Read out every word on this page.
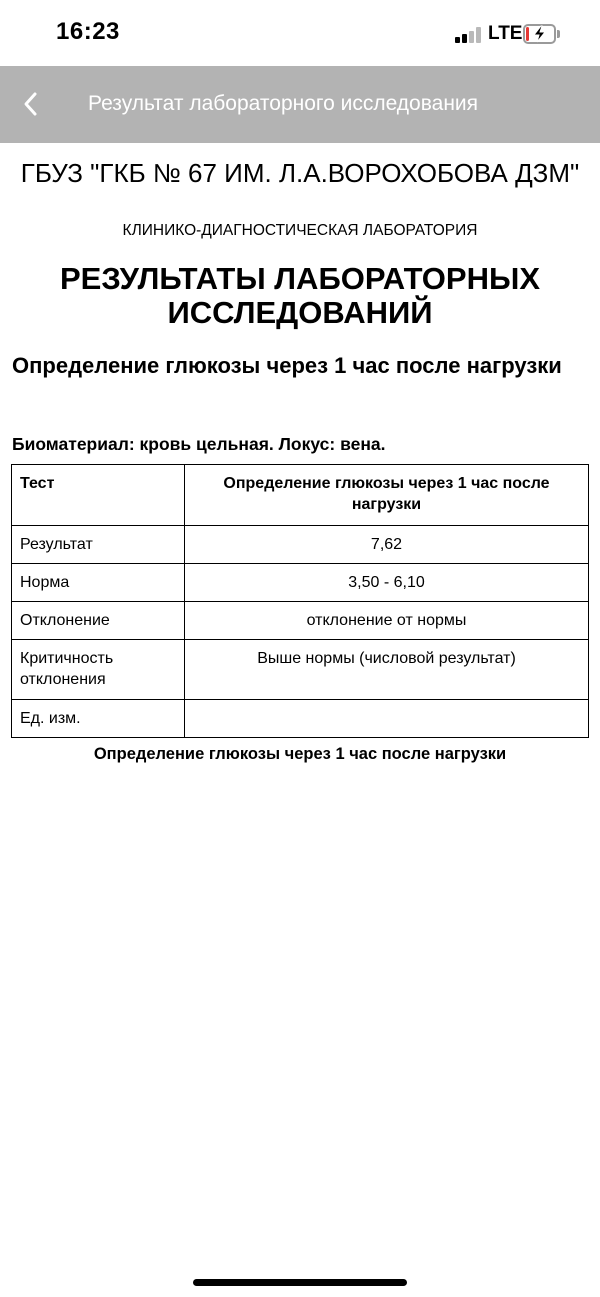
16:23	LTE
Результат лабораторного исследования
ГБУЗ "ГКБ № 67 ИМ. Л.А.ВОРОХОБОВА ДЗМ"
КЛИНИКО-ДИАГНОСТИЧЕСКАЯ ЛАБОРАТОРИЯ
РЕЗУЛЬТАТЫ ЛАБОРАТОРНЫХ ИССЛЕДОВАНИЙ
Определение глюкозы через 1 час после нагрузки
Биоматериал: кровь цельная. Локус: вена.
Тест	Определение глюкозы через 1 час после нагрузки
Результат	7,62
Норма	3,50 - 6,10
Отклонение	отклонение от нормы
Критичность отклонения	Выше нормы (числовой результат)
Ед. изм.	
Определение глюкозы через 1 час после нагрузки
